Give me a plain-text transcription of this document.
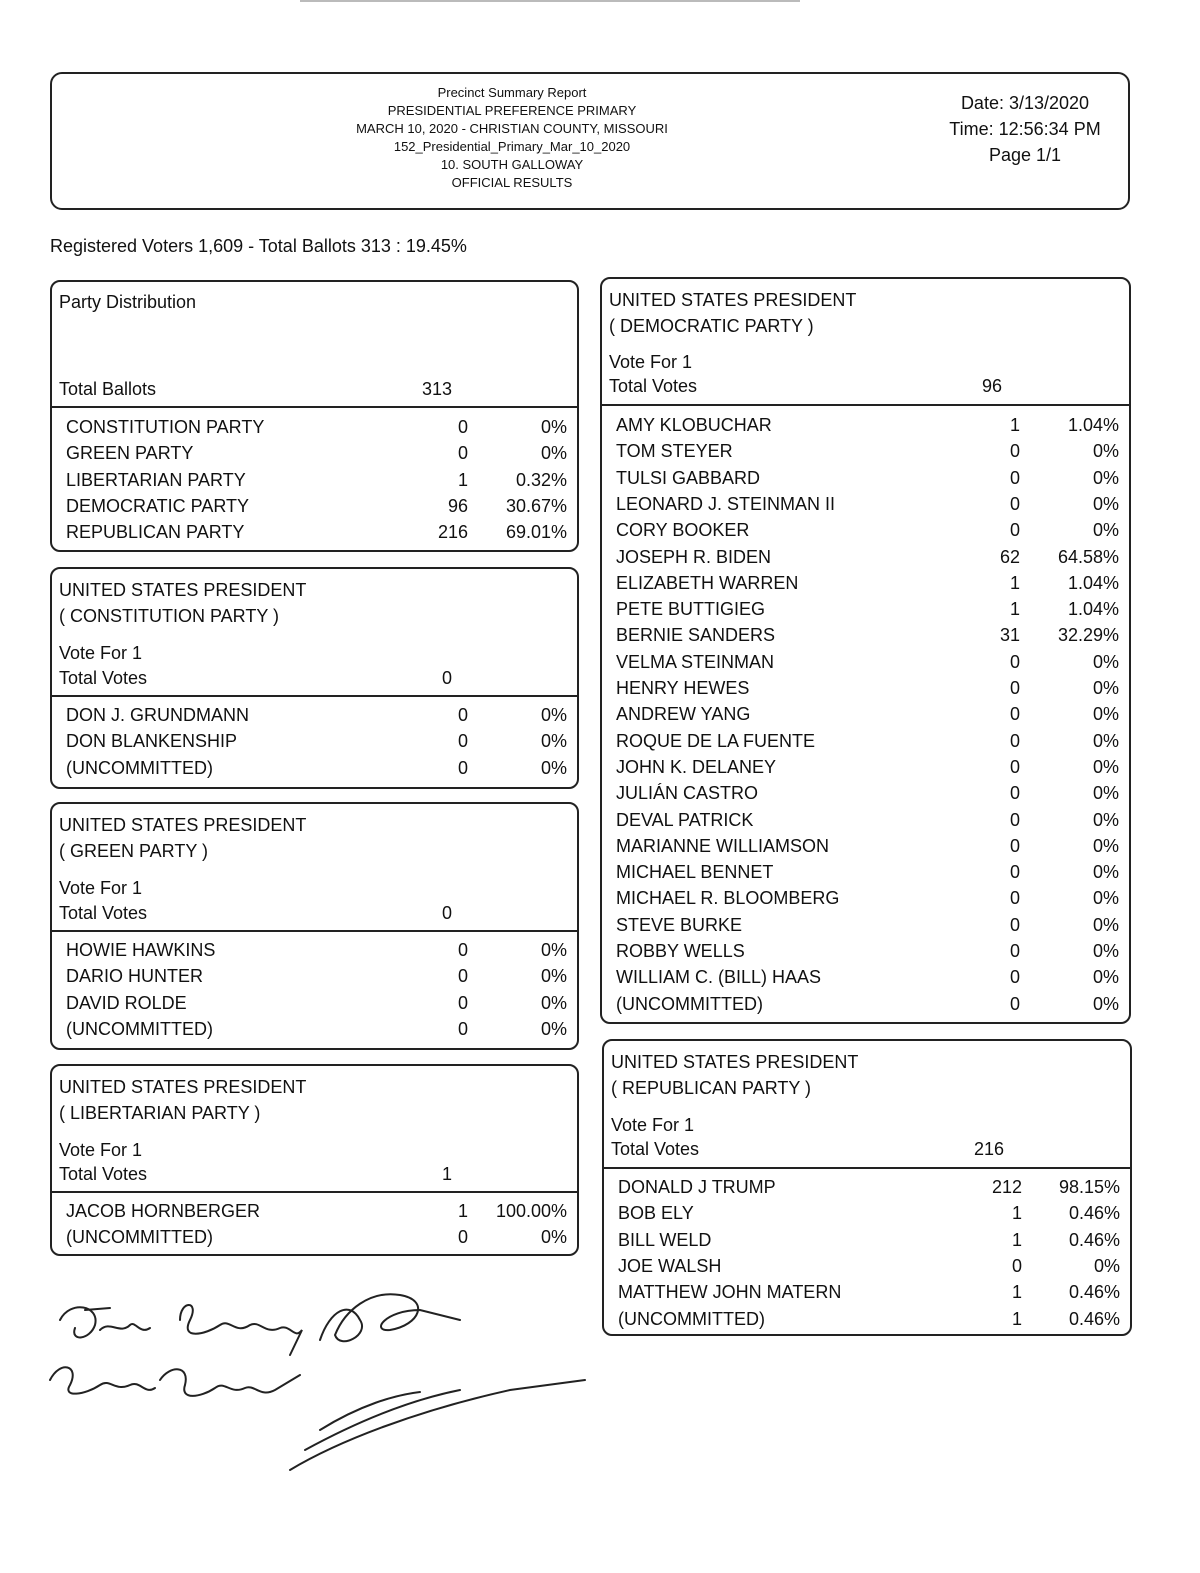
Precinct Summary Report
PRESIDENTIAL PREFERENCE PRIMARY
MARCH 10, 2020 - CHRISTIAN COUNTY, MISSOURI
152_Presidential_Primary_Mar_10_2020
10. SOUTH GALLOWAY
OFFICIAL RESULTS
Date: 3/13/2020
Time: 12:56:34 PM
Page 1/1
Registered Voters 1,609 - Total Ballots 313 : 19.45%
Party Distribution
Total Ballots	313
CONSTITUTION PARTY	0	0%
GREEN PARTY	0	0%
LIBERTARIAN PARTY	1	0.32%
DEMOCRATIC PARTY	96	30.67%
REPUBLICAN PARTY	216	69.01%
UNITED STATES PRESIDENT
( CONSTITUTION PARTY )
Vote For 1
Total Votes	0
DON J. GRUNDMANN	0	0%
DON BLANKENSHIP	0	0%
(UNCOMMITTED)	0	0%
UNITED STATES PRESIDENT
( GREEN PARTY )
Vote For 1
Total Votes	0
HOWIE HAWKINS	0	0%
DARIO HUNTER	0	0%
DAVID ROLDE	0	0%
(UNCOMMITTED)	0	0%
UNITED STATES PRESIDENT
( LIBERTARIAN PARTY )
Vote For 1
Total Votes	1
JACOB HORNBERGER	1	100.00%
(UNCOMMITTED)	0	0%
UNITED STATES PRESIDENT
( DEMOCRATIC PARTY )
Vote For 1
Total Votes	96
AMY KLOBUCHAR	1	1.04%
TOM STEYER	0	0%
TULSI GABBARD	0	0%
LEONARD J. STEINMAN II	0	0%
CORY BOOKER	0	0%
JOSEPH R. BIDEN	62	64.58%
ELIZABETH WARREN	1	1.04%
PETE BUTTIGIEG	1	1.04%
BERNIE SANDERS	31	32.29%
VELMA STEINMAN	0	0%
HENRY HEWES	0	0%
ANDREW YANG	0	0%
ROQUE DE LA FUENTE	0	0%
JOHN K. DELANEY	0	0%
JULIÁN CASTRO	0	0%
DEVAL PATRICK	0	0%
MARIANNE WILLIAMSON	0	0%
MICHAEL BENNET	0	0%
MICHAEL R. BLOOMBERG	0	0%
STEVE BURKE	0	0%
ROBBY WELLS	0	0%
WILLIAM C. (BILL) HAAS	0	0%
(UNCOMMITTED)	0	0%
UNITED STATES PRESIDENT
( REPUBLICAN PARTY )
Vote For 1
Total Votes	216
DONALD J TRUMP	212	98.15%
BOB ELY	1	0.46%
BILL WELD	1	0.46%
JOE WALSH	0	0%
MATTHEW JOHN MATERN	1	0.46%
(UNCOMMITTED)	1	0.46%
